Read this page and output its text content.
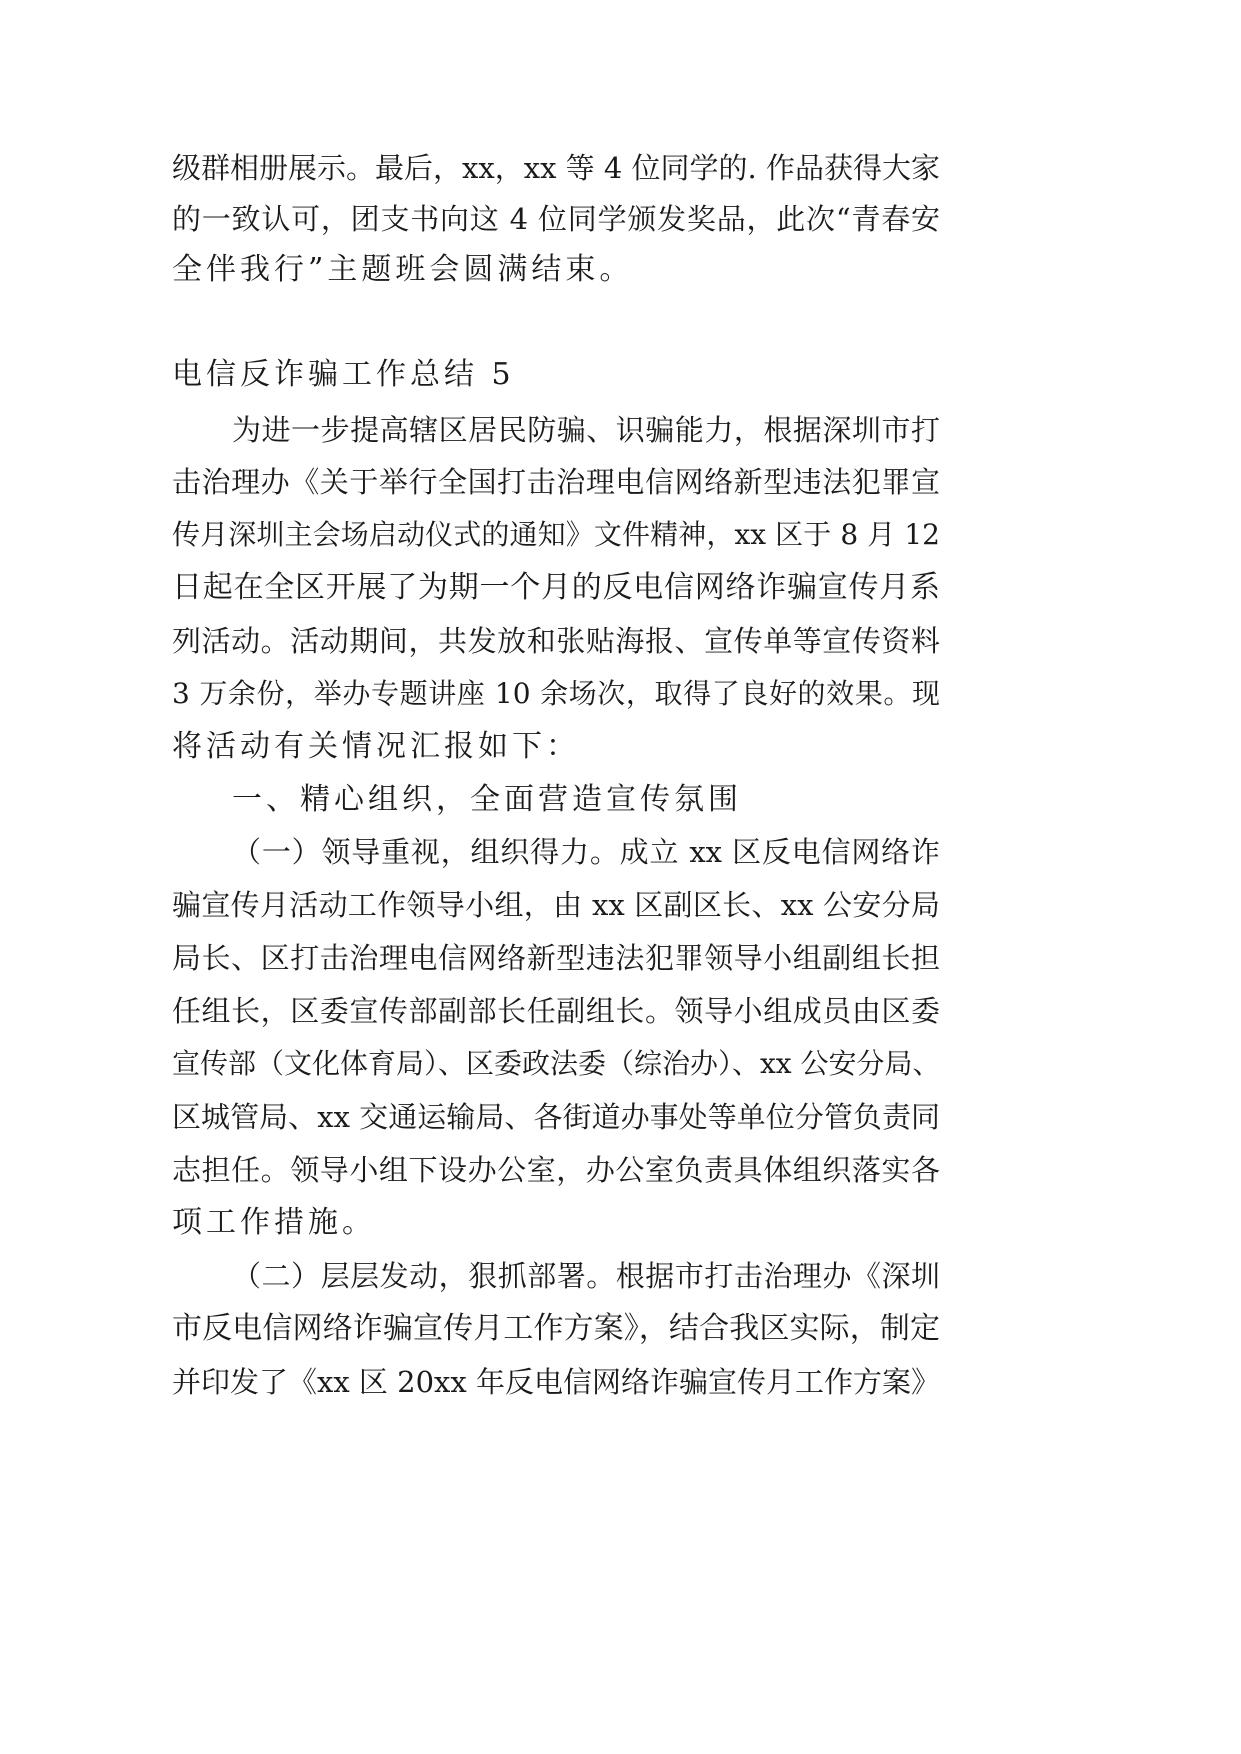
级群相册展示。最后，xx，xx 等 4 位同学的. 作品获得大家
的一致认可，团支书向这 4 位同学颁发奖品，此次“青春安
全伴我行”主题班会圆满结束。
电信反诈骗工作总结 5
为进一步提高辖区居民防骗、识骗能力，根据深圳市打
击治理办《关于举行全国打击治理电信网络新型违法犯罪宣
传月深圳主会场启动仪式的通知》文件精神，xx 区于 8 月 12
日起在全区开展了为期一个月的反电信网络诈骗宣传月系
列活动。活动期间，共发放和张贴海报、宣传单等宣传资料
3 万余份，举办专题讲座 10 余场次，取得了良好的效果。现
将活动有关情况汇报如下：
一、精心组织，全面营造宣传氛围
（一）领导重视，组织得力。成立 xx 区反电信网络诈
骗宣传月活动工作领导小组，由 xx 区副区长、xx 公安分局
局长、区打击治理电信网络新型违法犯罪领导小组副组长担
任组长，区委宣传部副部长任副组长。领导小组成员由区委
宣传部（文化体育局）、区委政法委（综治办）、xx 公安分局、
区城管局、xx 交通运输局、各街道办事处等单位分管负责同
志担任。领导小组下设办公室，办公室负责具体组织落实各
项工作措施。
（二）层层发动，狠抓部署。根据市打击治理办《深圳
市反电信网络诈骗宣传月工作方案》，结合我区实际，制定
并印发了《xx 区 20xx 年反电信网络诈骗宣传月工作方案》
